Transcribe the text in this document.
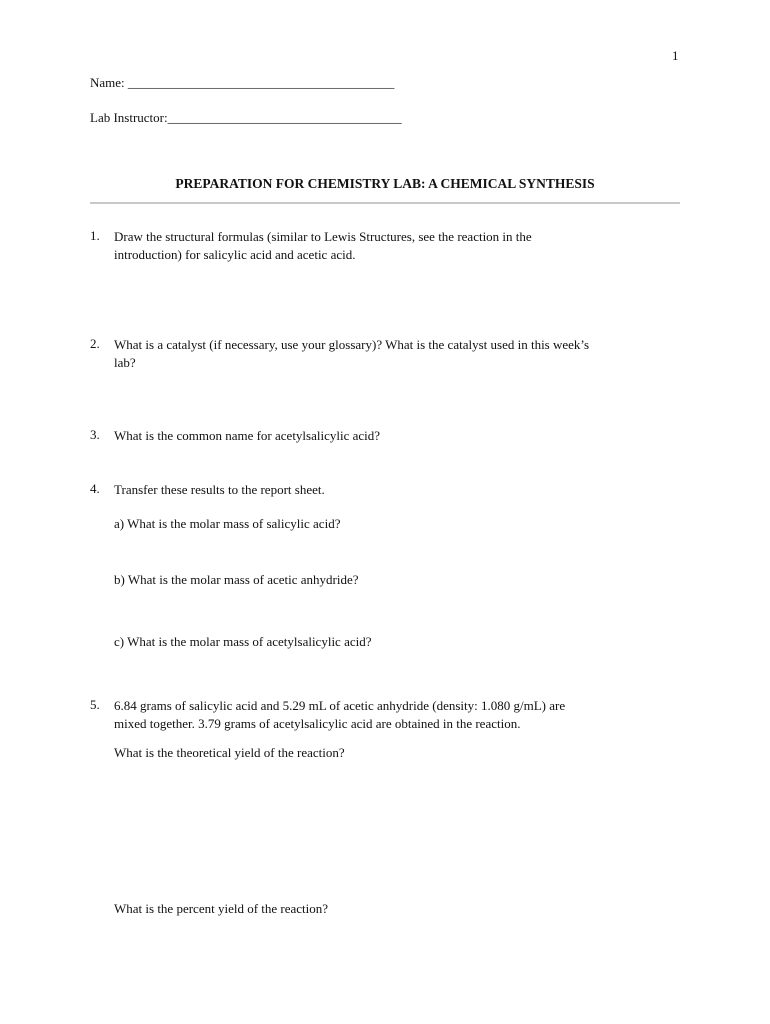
1
Name: _________________________________________
Lab Instructor:____________________________________
PREPARATION FOR CHEMISTRY LAB: A CHEMICAL SYNTHESIS
1. Draw the structural formulas (similar to Lewis Structures, see the reaction in the
introduction) for salicylic acid and acetic acid.
2. What is a catalyst (if necessary, use your glossary)? What is the catalyst used in this week’s
lab?
3. What is the common name for acetylsalicylic acid?
4. Transfer these results to the report sheet.
a) What is the molar mass of salicylic acid?
b) What is the molar mass of acetic anhydride?
c) What is the molar mass of acetylsalicylic acid?
5. 6.84 grams of salicylic acid and 5.29 mL of acetic anhydride (density: 1.080 g/mL) are
mixed together. 3.79 grams of acetylsalicylic acid are obtained in the reaction.
What is the theoretical yield of the reaction?
What is the percent yield of the reaction?
